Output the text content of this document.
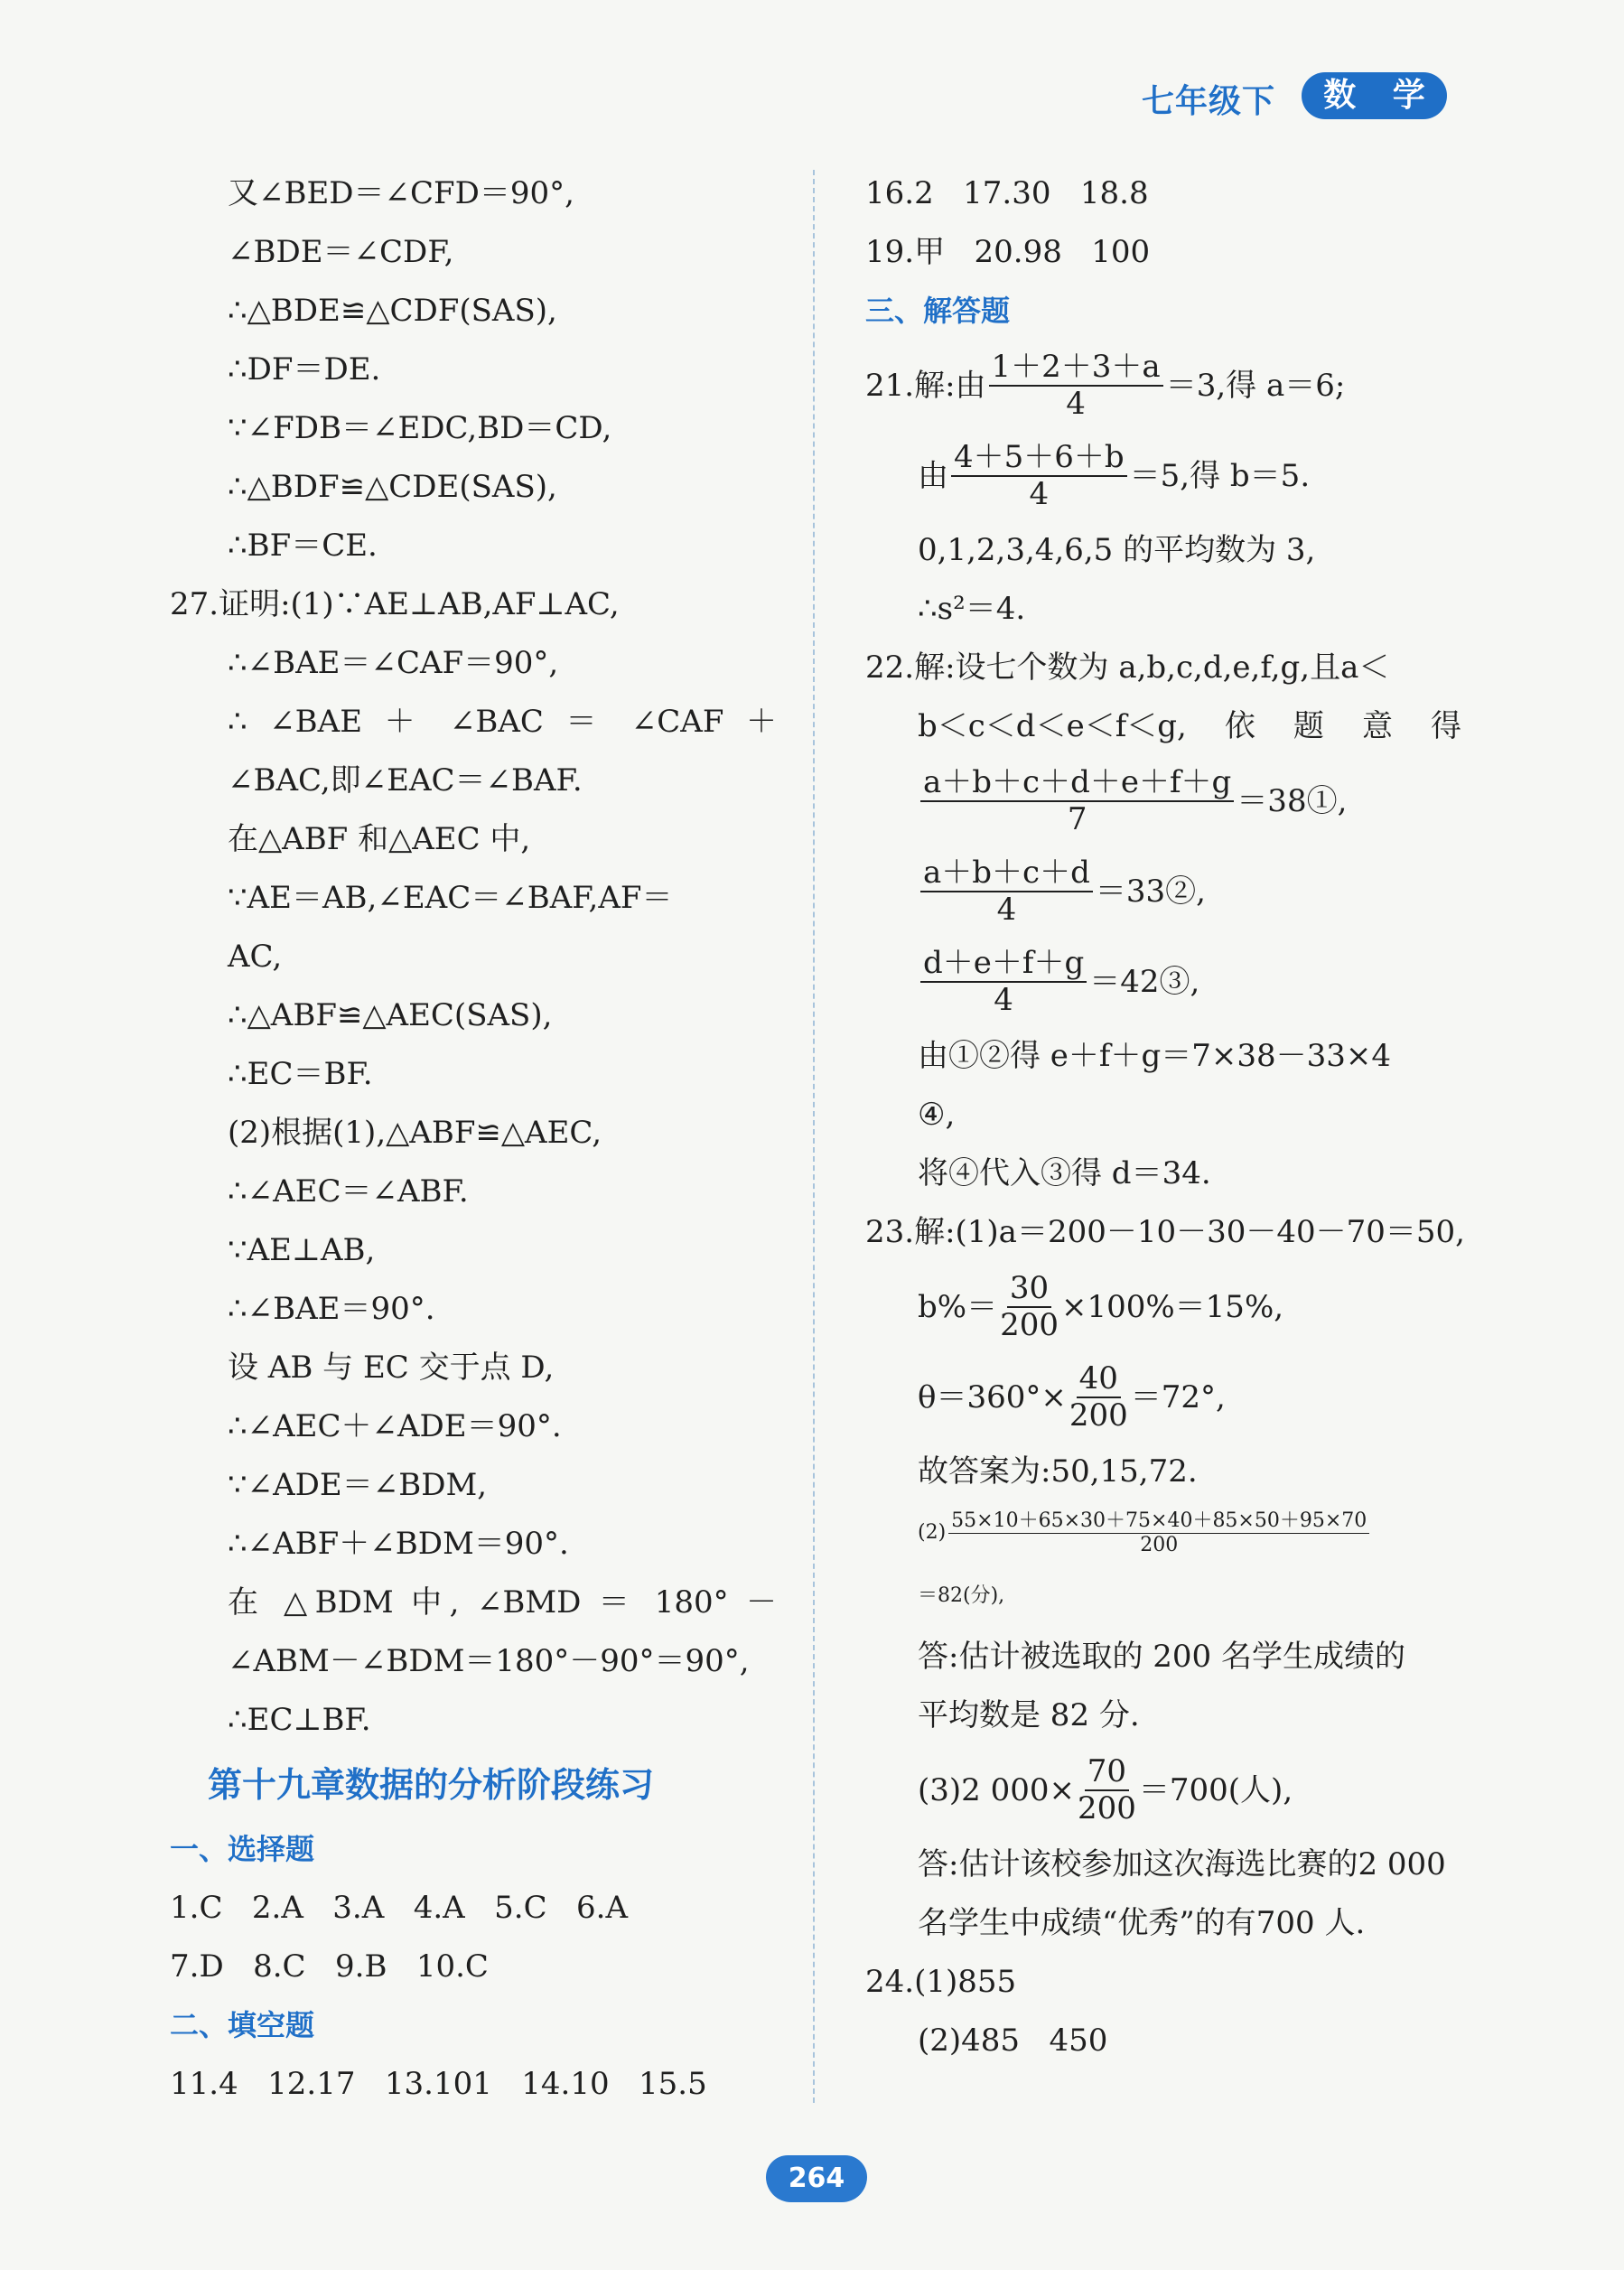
七年级下	数 学
又∠BED＝∠CFD＝90°,
∠BDE＝∠CDF,
∴△BDE≌△CDF(SAS),
∴DF＝DE.
∵∠FDB＝∠EDC,BD＝CD,
∴△BDF≌△CDE(SAS),
∴BF＝CE.
27.证明:(1)∵AE⊥AB,AF⊥AC,
∴∠BAE＝∠CAF＝90°,
∴ ∠BAE ＋ ∠BAC ＝ ∠CAF ＋
∠BAC,即∠EAC＝∠BAF.
在△ABF 和△AEC 中,
∵AE＝AB,∠EAC＝∠BAF,AF＝
AC,
∴△ABF≌△AEC(SAS),
∴EC＝BF.
(2)根据(1),△ABF≌△AEC,
∴∠AEC＝∠ABF.
∵AE⊥AB,
∴∠BAE＝90°.
设 AB 与 EC 交于点 D,
∴∠AEC＋∠ADE＝90°.
∵∠ADE＝∠BDM,
∴∠ABF＋∠BDM＝90°.
在 △BDM 中, ∠BMD ＝ 180° －
∠ABM－∠BDM＝180°－90°＝90°,
∴EC⊥BF.
第十九章数据的分析阶段练习
一、选择题
1.C   2.A   3.A   4.A   5.C   6.A
7.D   8.C   9.B   10.C
二、填空题
11.4   12.17   13.101   14.10   15.5
16.2   17.30   18.8
19.甲   20.98   100
三、解答题
21.解:由 $\frac{1+2+3+a}{4} =3$,得 a＝6;
由 $\frac{4+5+6+b}{4} =5$,得 b＝5.
0,1,2,3,4,6,5 的平均数为 3,
∴s²＝4.
22.解:设七个数为 a,b,c,d,e,f,g,且a＜
b＜c＜d＜e＜f＜g,依题意得
$\frac{a+b+c+d+e+f+g}{7}$ ＝38①,
$\frac{a+b+c+d}{4}$ ＝33②,
$\frac{d+e+f+g}{4}$ ＝42③,
由①②得 e＋f＋g＝7×38－33×4
④,
将④代入③得 d＝34.
23.解:(1)a＝200－10－30－40－70＝50,
$b\%= \frac{30}{200} \times 100\%=15\%$,
$\theta=360^\circ\times \frac{40}{200} =72^\circ$,
故答案为:50,15,72.
$(2) \frac{55\times 10+65\times 30+75\times 40+85\times 50+95\times 70}{200}$
＝82(分),
答:估计被选取的 200 名学生成绩的
平均数是 82 分.
(3)2 $000\times \frac{70}{200} =700$(人),
答:估计该校参加这次海选比赛的2 000
名学生中成绩“优秀”的有700 人.
24.(1)855
(2)485   450
264
